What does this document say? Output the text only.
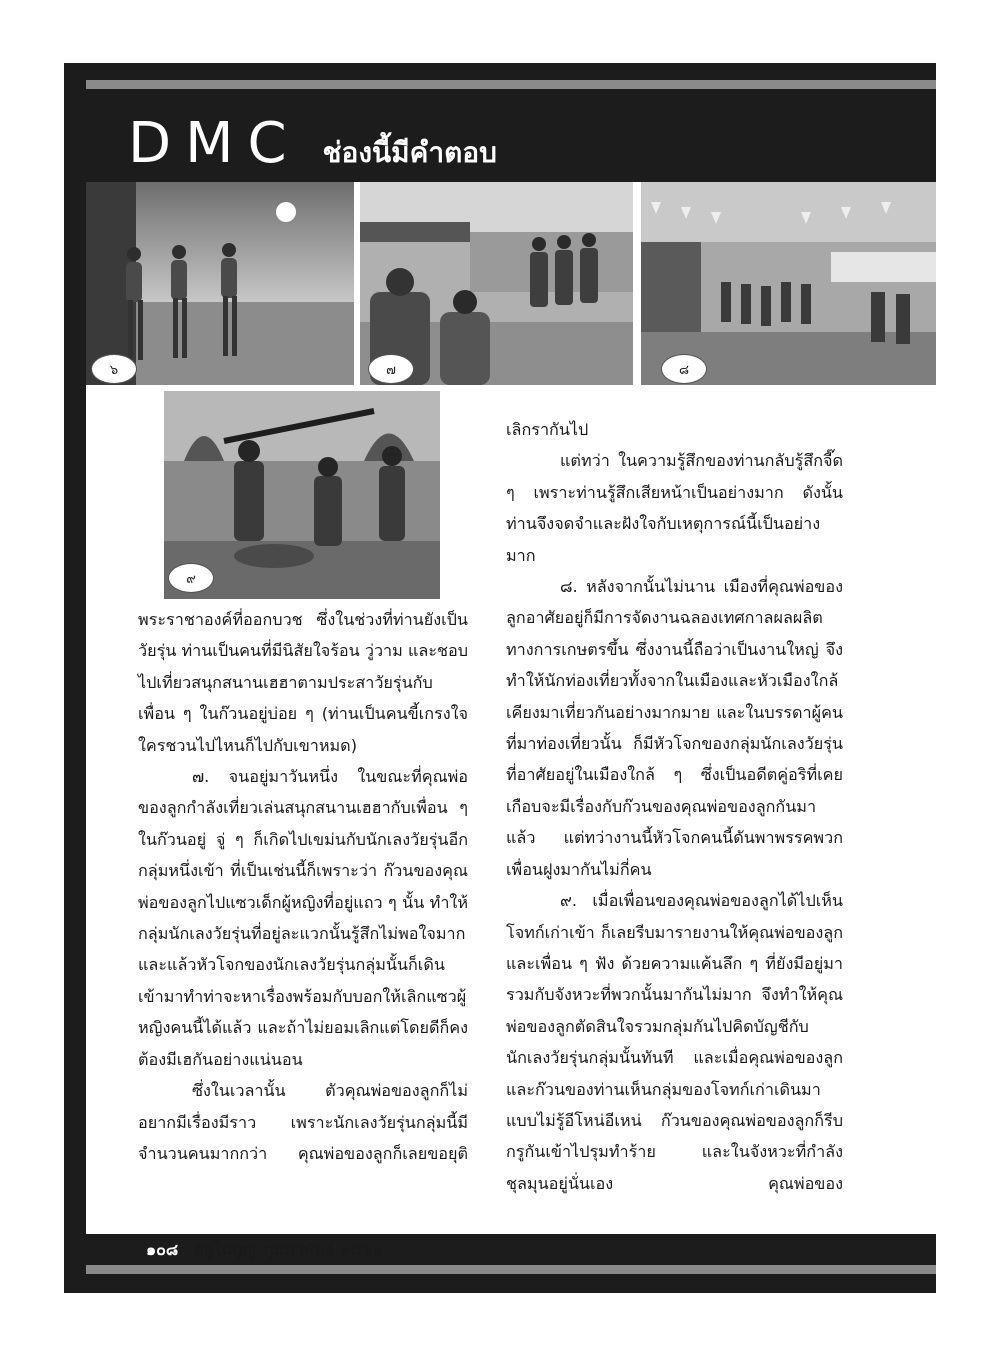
DMC ช่องนี้มีคำตอบ
๖	๗	๘
๙

พระราชาองค์ที่ออกบวช ซึ่งในช่วงที่ท่านยังเป็นวัยรุ่น ท่านเป็นคนที่มีนิสัยใจร้อน วู่วาม และชอบไปเที่ยวสนุกสนานเฮฮาตามประสาวัยรุ่นกับเพื่อน ๆ ในก๊วนอยู่บ่อย ๆ (ท่านเป็นคนขี้เกรงใจ ใครชวนไปไหนก็ไปกับเขาหมด)

๗. จนอยู่มาวันหนึ่ง ในขณะที่คุณพ่อของลูกกำลังเที่ยวเล่นสนุกสนานเฮฮากับเพื่อน ๆ ในก๊วนอยู่ จู่ ๆ ก็เกิดไปเขม่นกับนักเลงวัยรุ่นอีกกลุ่มหนึ่งเข้า ที่เป็นเช่นนี้ก็เพราะว่า ก๊วนของคุณพ่อของลูกไปแซวเด็กผู้หญิงที่อยู่แถว ๆ นั้น ทำให้กลุ่มนักเลงวัยรุ่นที่อยู่ละแวกนั้นรู้สึกไม่พอใจมาก และแล้วหัวโจกของนักเลงวัยรุ่นกลุ่มนั้นก็เดินเข้ามาทำท่าจะหาเรื่องพร้อมกับบอกให้เลิกแซวผู้หญิงคนนี้ได้แล้ว และถ้าไม่ยอมเลิกแต่โดยดีก็คงต้องมีเฮกันอย่างแน่นอน

ซึ่งในเวลานั้น ตัวคุณพ่อของลูกก็ไม่อยากมีเรื่องมีราว เพราะนักเลงวัยรุ่นกลุ่มนี้มีจำนวนคนมากกว่า คุณพ่อของลูกก็เลยขอยุติ

เลิกรากันไป

แต่ทว่า ในความรู้สึกของท่านกลับรู้สึกจี๊ด ๆ เพราะท่านรู้สึกเสียหน้าเป็นอย่างมาก ดังนั้นท่านจึงจดจำและฝังใจกับเหตุการณ์นี้เป็นอย่างมาก

๘. หลังจากนั้นไม่นาน เมืองที่คุณพ่อของลูกอาศัยอยู่ก็มีการจัดงานฉลองเทศกาลผลผลิตทางการเกษตรขึ้น ซึ่งงานนี้ถือว่าเป็นงานใหญ่ จึงทำให้นักท่องเที่ยวทั้งจากในเมืองและหัวเมืองใกล้เคียงมาเที่ยวกันอย่างมากมาย และในบรรดาผู้คนที่มาท่องเที่ยวนั้น ก็มีหัวโจกของกลุ่มนักเลงวัยรุ่นที่อาศัยอยู่ในเมืองใกล้ ๆ ซึ่งเป็นอดีตคู่อริที่เคยเกือบจะมีเรื่องกับก๊วนของคุณพ่อของลูกกันมาแล้ว แต่ทว่างานนี้หัวโจกคนนี้ดันพาพรรคพวกเพื่อนฝูงมากันไม่กี่คน

๙. เมื่อเพื่อนของคุณพ่อของลูกได้ไปเห็นโจทก์เก่าเข้า ก็เลยรีบมารายงานให้คุณพ่อของลูกและเพื่อน ๆ ฟัง ด้วยความแค้นลึก ๆ ที่ยังมีอยู่มารวมกับจังหวะที่พวกนั้นมากันไม่มาก จึงทำให้คุณพ่อของลูกตัดสินใจรวมกลุ่มกันไปคิดบัญชีกับนักเลงวัยรุ่นกลุ่มนั้นทันที และเมื่อคุณพ่อของลูกและก๊วนของท่านเห็นกลุ่มของโจทก์เก่าเดินมาแบบไม่รู้อีโหน่อีเหน่ ก๊วนของคุณพ่อของลูกก็รีบกรูกันเข้าไปรุมทำร้าย และในจังหวะที่กำลังชุลมุนอยู่นั่นเอง คุณพ่อของ

๑๐๘	อยู่ในบุญ กุมภาพันธ์ ๒๕๖๐
